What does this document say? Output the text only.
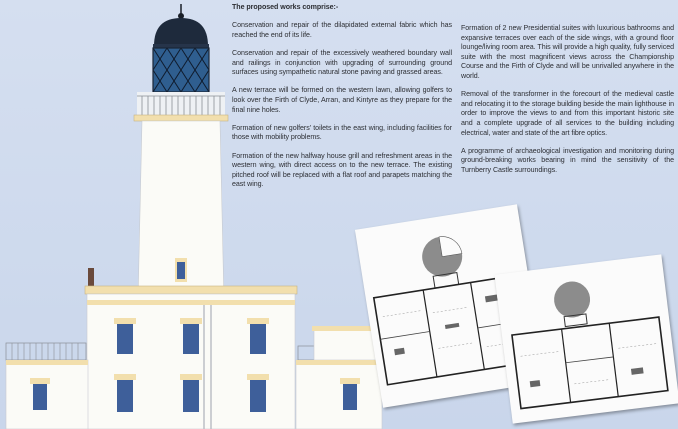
The proposed works comprise:-

Conservation and repair of the dilapidated external fabric which has reached the end of its life.

Conservation and repair of the excessively weathered boundary wall and railings in conjunction with upgrading of surrounding ground surfaces using sympathetic natural stone paving and grassed areas.

A new terrace will be formed on the western lawn, allowing golfers to look over the Firth of Clyde, Arran, and Kintyre as they prepare for the final nine holes.

Formation of new golfers' toilets in the east wing, including facilities for those with mobility problems.

Formation of the new halfway house grill and refreshment areas in the western wing, with direct access on to the new terrace. The existing pitched roof will be replaced with a flat roof and parapets matching the east wing.

Formation of 2 new Presidential suites with luxurious bathrooms and expansive terraces over each of the side wings, with a ground floor lounge/living room area. This will provide a high quality, fully serviced suite with the most magnificent views across the Championship Course and the Firth of Clyde and will be unrivalled anywhere in the world.

Removal of the transformer in the forecourt of the medieval castle and relocating it to the storage building beside the main lighthouse in order to improve the views to and from this important historic site and a complete upgrade of all services to the building including electrical, water and state of the art fibre optics.

A programme of archaeological investigation and monitoring during ground-breaking works bearing in mind the sensitivity of the Turnberry Castle surroundings.
